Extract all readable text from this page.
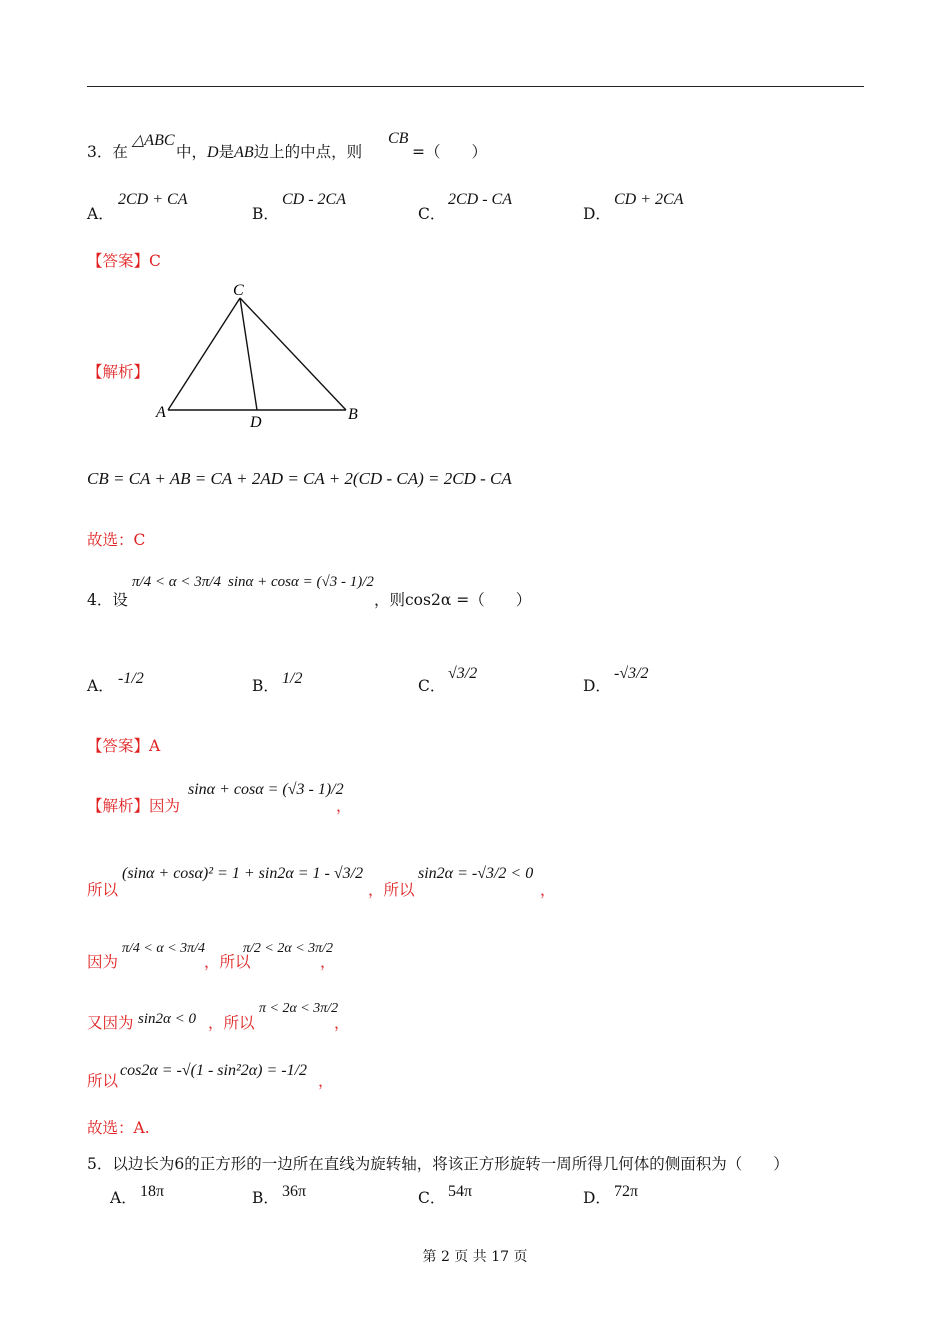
3．在
△ABC
中，D是AB边上的中点，则
CB
=（　　）
A．
2CD + CA
B．
CD - 2CA
C．
2CD - CA
D．
CD + 2CA
【答案】C
【解析】
C
A	B
D
CB = CA + AB = CA + 2AD = CA + 2(CD - CA) = 2CD - CA
故选：C
4．设
π/4 < α < 3π/4 sinα + cosα = (√3 - 1)/2
，则cos2α =（　　）
A． -1/2	B． 1/2	C．
√3/2
D．
-√3/2
【答案】A
【解析】因为
sinα + cosα = (√3 - 1)/2
，
所以
(sinα + cosα)² = 1 + sin2α = 1 - √3/2
，所以
sin2α = -√3/2 < 0
，
因为
π/4 < α < 3π/4
，所以
π/2 < 2α < 3π/2
，
又因为 sin2α < 0 ，所以
π < 2α < 3π/2
，
所以
cos2α = -√(1 - sin²2α) = -1/2
，
故选：A.
5．以边长为6的正方形的一边所在直线为旋转轴，将该正方形旋转一周所得几何体的侧面积为（　　）
A． 18π	B． 36π	C． 54π	D． 72π
第 2 页 共 17 页
